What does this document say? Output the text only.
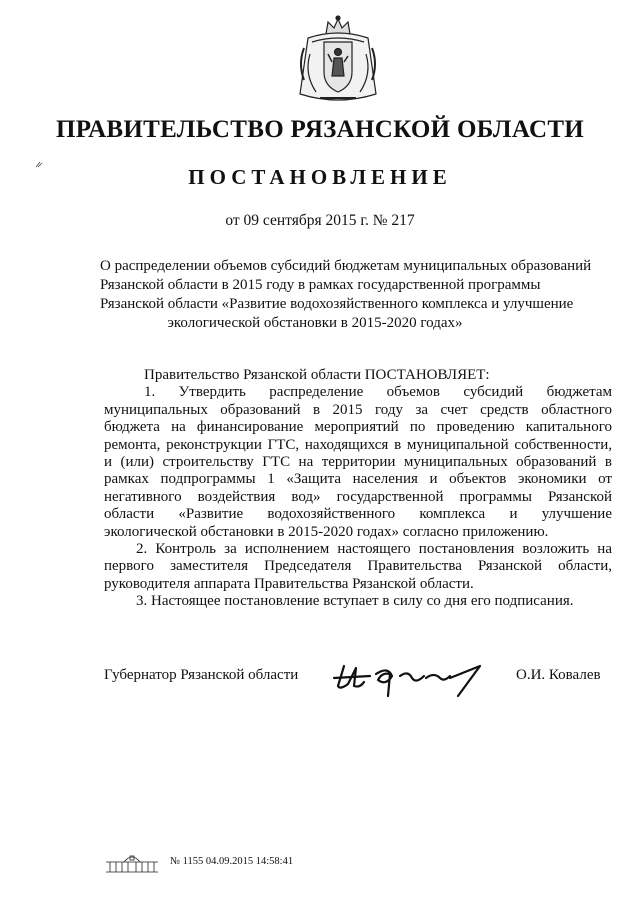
ПРАВИТЕЛЬСТВО РЯЗАНСКОЙ ОБЛАСТИ
ПОСТАНОВЛЕНИЕ
от 09 сентября 2015 г. № 217
О распределении объемов субсидий бюджетам муниципальных образований
Рязанской области в 2015 году в рамках государственной программы
Рязанской области «Развитие водохозяйственного комплекса и улучшение
экологической обстановки в 2015-2020 годах»
Правительство Рязанской области ПОСТАНОВЛЯЕТ:
1. Утвердить распределение объемов субсидий бюджетам
муниципальных образований в 2015 году за счет средств областного
бюджета на финансирование мероприятий по проведению капитального
ремонта, реконструкции ГТС, находящихся в муниципальной собственности,
и (или) строительству ГТС на территории муниципальных образований в
рамках подпрограммы 1 «Защита населения и объектов экономики от
негативного воздействия вод» государственной программы Рязанской
области «Развитие водохозяйственного комплекса и улучшение
экологической обстановки в 2015-2020 годах» согласно приложению.
2. Контроль за исполнением настоящего постановления возложить на
первого заместителя Председателя Правительства Рязанской области,
руководителя аппарата Правительства Рязанской области.
3. Настоящее постановление вступает в силу со дня его подписания.
Губернатор Рязанской области	О.И. Ковалев
№ 1155 04.09.2015 14:58:41
